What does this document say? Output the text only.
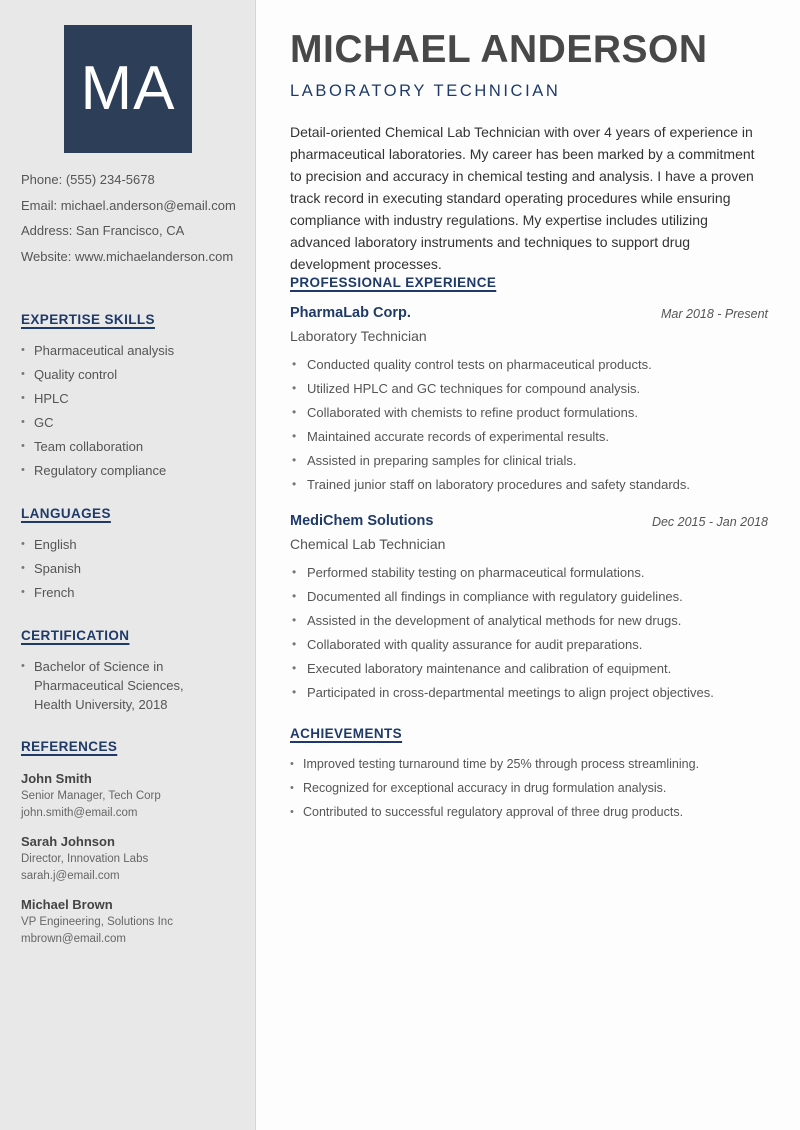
MA
Phone: (555) 234-5678
Email: michael.anderson@email.com
Address: San Francisco, CA
Website: www.michaelanderson.com
EXPERTISE SKILLS
• Pharmaceutical analysis
• Quality control
• HPLC
• GC
• Team collaboration
• Regulatory compliance
LANGUAGES
• English
• Spanish
• French
CERTIFICATION
• Bachelor of Science in Pharmaceutical Sciences, Health University, 2018
REFERENCES
John Smith
Senior Manager, Tech Corp
john.smith@email.com
Sarah Johnson
Director, Innovation Labs
sarah.j@email.com
Michael Brown
VP Engineering, Solutions Inc
mbrown@email.com
MICHAEL ANDERSON
LABORATORY TECHNICIAN
Detail-oriented Chemical Lab Technician with over 4 years of experience in pharmaceutical laboratories. My career has been marked by a commitment to precision and accuracy in chemical testing and analysis. I have a proven track record in executing standard operating procedures while ensuring compliance with industry regulations. My expertise includes utilizing advanced laboratory instruments and techniques to support drug development processes.
PROFESSIONAL EXPERIENCE
PharmaLab Corp.	Mar 2018 - Present
Laboratory Technician
• Conducted quality control tests on pharmaceutical products.
• Utilized HPLC and GC techniques for compound analysis.
• Collaborated with chemists to refine product formulations.
• Maintained accurate records of experimental results.
• Assisted in preparing samples for clinical trials.
• Trained junior staff on laboratory procedures and safety standards.
MediChem Solutions	Dec 2015 - Jan 2018
Chemical Lab Technician
• Performed stability testing on pharmaceutical formulations.
• Documented all findings in compliance with regulatory guidelines.
• Assisted in the development of analytical methods for new drugs.
• Collaborated with quality assurance for audit preparations.
• Executed laboratory maintenance and calibration of equipment.
• Participated in cross-departmental meetings to align project objectives.
ACHIEVEMENTS
• Improved testing turnaround time by 25% through process streamlining.
• Recognized for exceptional accuracy in drug formulation analysis.
• Contributed to successful regulatory approval of three drug products.
